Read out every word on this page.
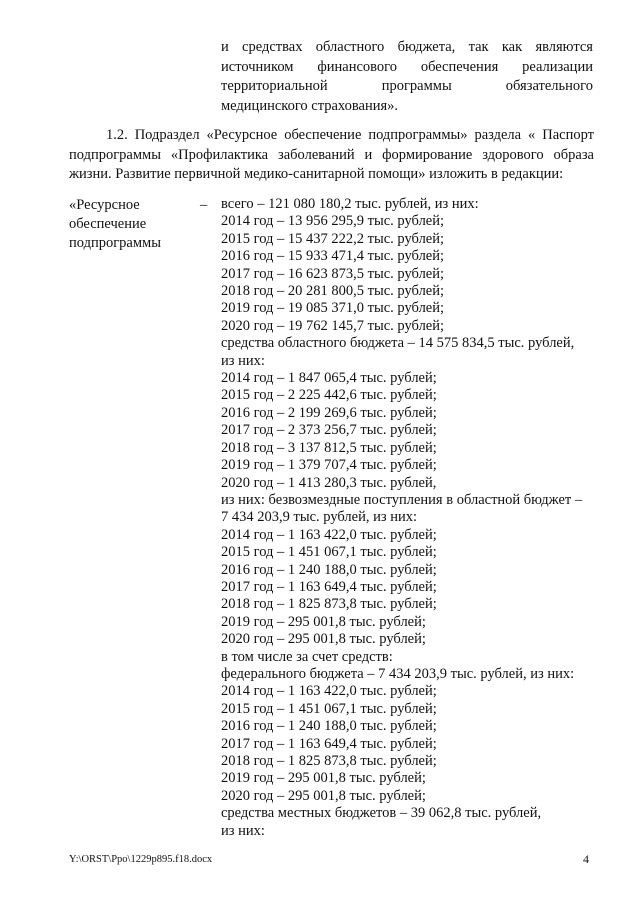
и средствах областного бюджета, так как являются
источником финансового обеспечения реализации
территориальной	программы	обязательного
медицинского страхования».
1.2. Подраздел «Ресурсное обеспечение подпрограммы» раздела « Паспорт
подпрограммы «Профилактика заболеваний и формирование здорового образа
жизни. Развитие первичной медико-санитарной помощи» изложить в редакции:
«Ресурсное
обеспечение
подпрограммы
– всего – 121 080 180,2 тыс. рублей, из них:
2014 год – 13 956 295,9 тыс. рублей;
2015 год – 15 437 222,2 тыс. рублей;
2016 год – 15 933 471,4 тыс. рублей;
2017 год – 16 623 873,5 тыс. рублей;
2018 год – 20 281 800,5 тыс. рублей;
2019 год – 19 085 371,0 тыс. рублей;
2020 год – 19 762 145,7 тыс. рублей;
средства областного бюджета – 14 575 834,5 тыс. рублей,
из них:
2014 год – 1 847 065,4 тыс. рублей;
2015 год – 2 225 442,6 тыс. рублей;
2016 год – 2 199 269,6 тыс. рублей;
2017 год – 2 373 256,7 тыс. рублей;
2018 год – 3 137 812,5 тыс. рублей;
2019 год – 1 379 707,4 тыс. рублей;
2020 год – 1 413 280,3 тыс. рублей,
из них: безвозмездные поступления в областной бюджет –
7 434 203,9 тыс. рублей, из них:
2014 год – 1 163 422,0 тыс. рублей;
2015 год – 1 451 067,1 тыс. рублей;
2016 год – 1 240 188,0 тыс. рублей;
2017 год – 1 163 649,4 тыс. рублей;
2018 год – 1 825 873,8 тыс. рублей;
2019 год – 295 001,8 тыс. рублей;
2020 год – 295 001,8 тыс. рублей;
в том числе за счет средств:
федерального бюджета – 7 434 203,9 тыс. рублей, из них:
2014 год – 1 163 422,0 тыс. рублей;
2015 год – 1 451 067,1 тыс. рублей;
2016 год – 1 240 188,0 тыс. рублей;
2017 год – 1 163 649,4 тыс. рублей;
2018 год – 1 825 873,8 тыс. рублей;
2019 год – 295 001,8 тыс. рублей;
2020 год – 295 001,8 тыс. рублей;
средства местных бюджетов – 39 062,8 тыс. рублей,
из них:
Y:\ORST\Ppo\1229p895.f18.docx	4
